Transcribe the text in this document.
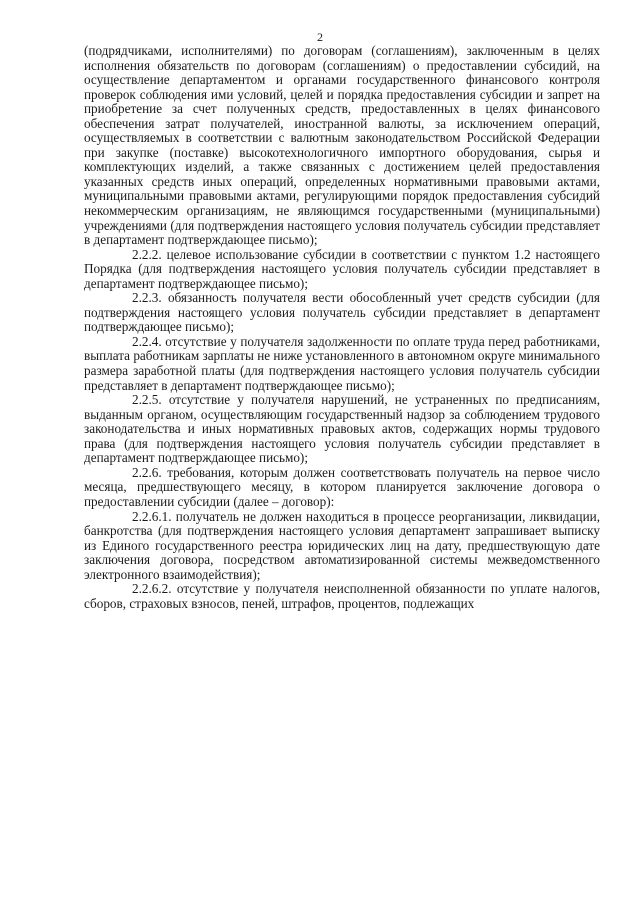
2

(подрядчиками, исполнителями) по договорам (соглашениям), заключенным в целях исполнения обязательств по договорам (соглашениям) о предоставлении субсидий, на осуществление департаментом и органами государственного финансового контроля проверок соблюдения ими условий, целей и порядка предоставления субсидии и запрет на приобретение за счет полученных средств, предоставленных в целях финансового обеспечения затрат получателей, иностранной валюты, за исключением операций, осуществляемых в соответствии с валютным законодательством Российской Федерации при закупке (поставке) высокотехнологичного импортного оборудования, сырья и комплектующих изделий, а также связанных с достижением целей предоставления указанных средств иных операций, определенных нормативными правовыми актами, муниципальными правовыми актами, регулирующими порядок предоставления субсидий некоммерческим организациям, не являющимся государственными (муниципальными) учреждениями (для подтверждения настоящего условия получатель субсидии представляет в департамент подтверждающее письмо);

2.2.2. целевое использование субсидии в соответствии с пунктом 1.2 настоящего Порядка (для подтверждения настоящего условия получатель субсидии представляет в департамент подтверждающее письмо);

2.2.3. обязанность получателя вести обособленный учет средств субсидии (для подтверждения настоящего условия получатель субсидии представляет в департамент подтверждающее письмо);

2.2.4. отсутствие у получателя задолженности по оплате труда перед работниками, выплата работникам зарплаты не ниже установленного в автономном округе минимального размера заработной платы (для подтверждения настоящего условия получатель субсидии представляет в департамент подтверждающее письмо);

2.2.5. отсутствие у получателя нарушений, не устраненных по предписаниям, выданным органом, осуществляющим государственный надзор за соблюдением трудового законодательства и иных нормативных правовых актов, содержащих нормы трудового права (для подтверждения настоящего условия получатель субсидии представляет в департамент подтверждающее письмо);

2.2.6. требования, которым должен соответствовать получатель на первое число месяца, предшествующего месяцу, в котором планируется заключение договора о предоставлении субсидии (далее – договор):

2.2.6.1. получатель не должен находиться в процессе реорганизации, ликвидации, банкротства (для подтверждения настоящего условия департамент запрашивает выписку из Единого государственного реестра юридических лиц на дату, предшествующую дате заключения договора, посредством автоматизированной системы межведомственного электронного взаимодействия);

2.2.6.2. отсутствие у получателя неисполненной обязанности по уплате налогов, сборов, страховых взносов, пеней, штрафов, процентов, подлежащих
